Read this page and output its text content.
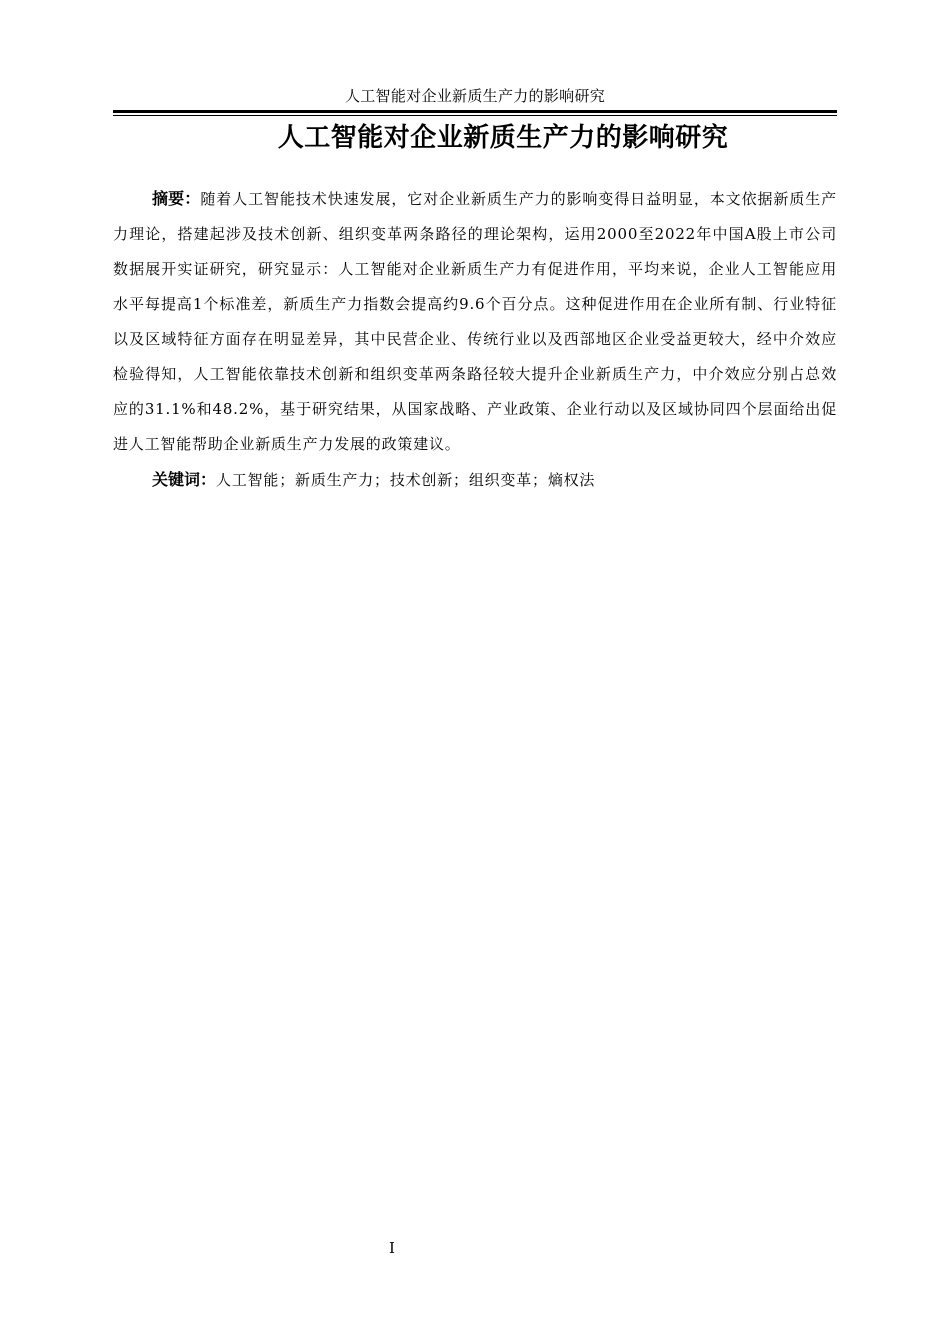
人工智能对企业新质生产力的影响研究
人工智能对企业新质生产力的影响研究

摘要：随着人工智能技术快速发展，它对企业新质生产力的影响变得日益明显，本文依据新质生产力理论，搭建起涉及技术创新、组织变革两条路径的理论架构，运用2000至2022年中国A股上市公司数据展开实证研究，研究显示：人工智能对企业新质生产力有促进作用，平均来说，企业人工智能应用水平每提高1个标准差，新质生产力指数会提高约9.6个百分点。这种促进作用在企业所有制、行业特征以及区域特征方面存在明显差异，其中民营企业、传统行业以及西部地区企业受益更较大，经中介效应检验得知，人工智能依靠技术创新和组织变革两条路径较大提升企业新质生产力，中介效应分别占总效应的31.1%和48.2%，基于研究结果，从国家战略、产业政策、企业行动以及区域协同四个层面给出促进人工智能帮助企业新质生产力发展的政策建议。

关键词：人工智能；新质生产力；技术创新；组织变革；熵权法

I
